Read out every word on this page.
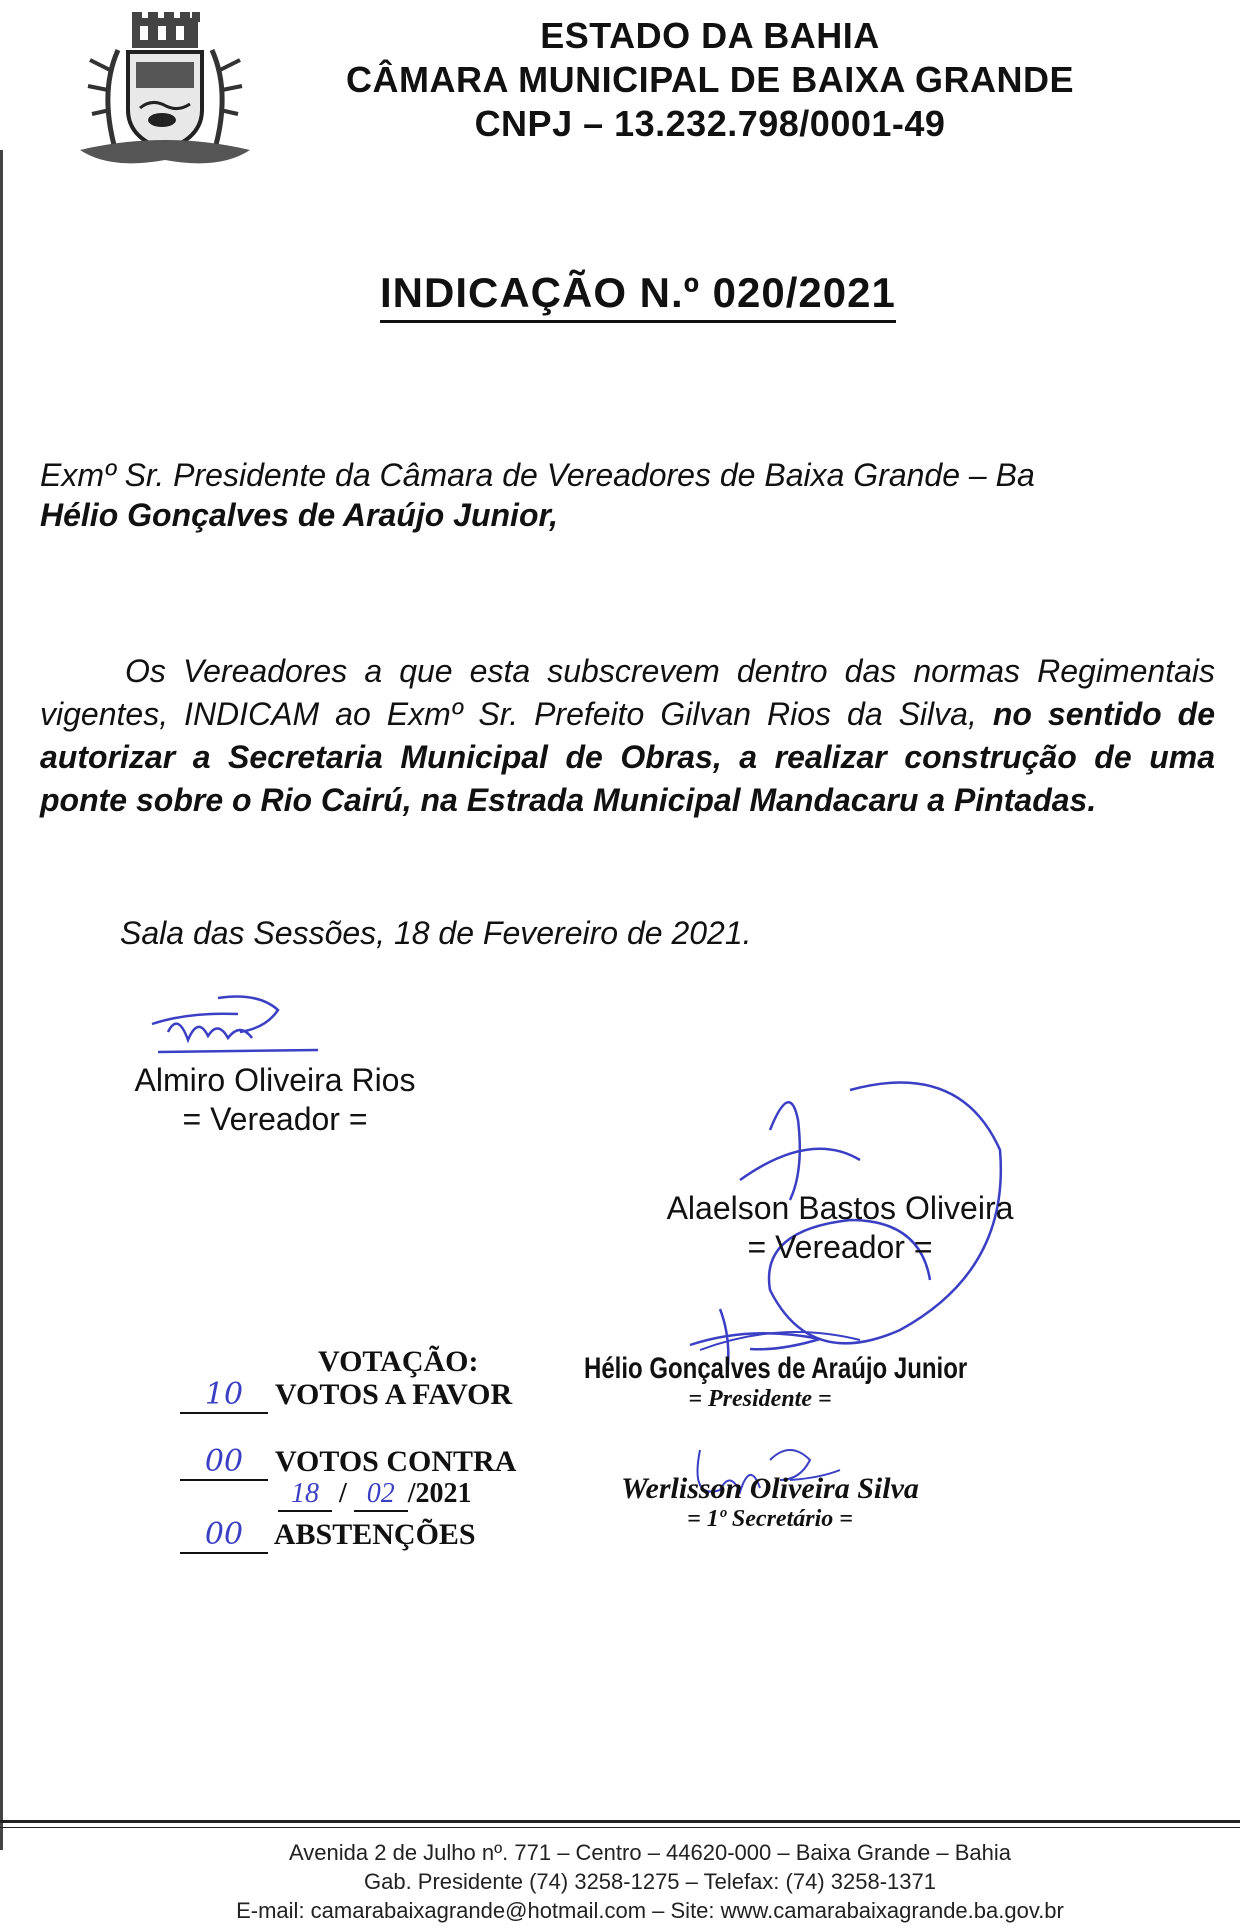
ESTADO DA BAHIA
CÂMARA MUNICIPAL DE BAIXA GRANDE
CNPJ – 13.232.798/0001-49
INDICAÇÃO N.º 020/2021
Exmº Sr. Presidente da Câmara de Vereadores de Baixa Grande – Ba
Hélio Gonçalves de Araújo Junior,
Os Vereadores a que esta subscrevem dentro das normas Regimentais vigentes, INDICAM ao Exmº Sr. Prefeito Gilvan Rios da Silva, no sentido de autorizar a Secretaria Municipal de Obras, a realizar construção de uma ponte sobre o Rio Cairú, na Estrada Municipal Mandacaru a Pintadas.
Sala das Sessões, 18 de Fevereiro de 2021.
Almiro Oliveira Rios
= Vereador =
Alaelson Bastos Oliveira
= Vereador =
VOTAÇÃO:
10 VOTOS A FAVOR
00 VOTOS CONTRA
18 / 02 /2021
00 ABSTENÇÕES
Hélio Gonçalves de Araújo Junior
= Presidente =
Werlisson Oliveira Silva
= 1º Secretário =
Avenida 2 de Julho nº. 771 – Centro – 44620-000 – Baixa Grande – Bahia
Gab. Presidente (74) 3258-1275 – Telefax: (74) 3258-1371
E-mail: camarabaixagrande@hotmail.com – Site: www.camarabaixagrande.ba.gov.br
